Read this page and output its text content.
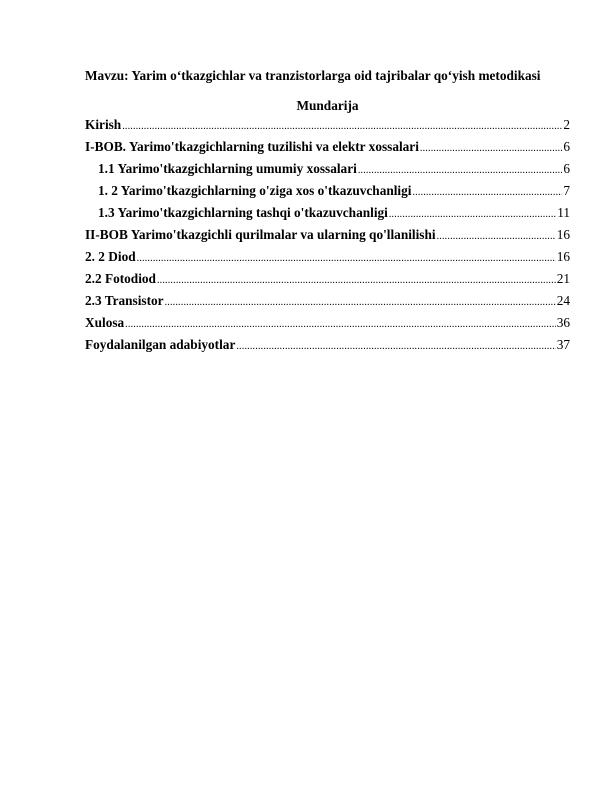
Mavzu: Yarim o‘tkazgichlar va tranzistorlarga oid tajribalar qo‘yish metodikasi
Mundarija
Kirish .....	2
I-BOB. Yarimo'tkazgichlarning tuzilishi va elektr xossalari .....	6
1.1 Yarimo'tkazgichlarning umumiy xossalari .....	6
1. 2 Yarimo'tkazgichlarning o'ziga xos o'tkazuvchanligi .....	7
1.3 Yarimo'tkazgichlarning tashqi o'tkazuvchanligi .....	11
II-BOB Yarimo'tkazgichli qurilmalar va ularning qo'llanilishi .....	16
2. 2 Diod .....	16
2.2 Fotodiod .....	21
2.3 Transistor .....	24
Xulosa .....	36
Foydalanilgan adabiyotlar .....	37
